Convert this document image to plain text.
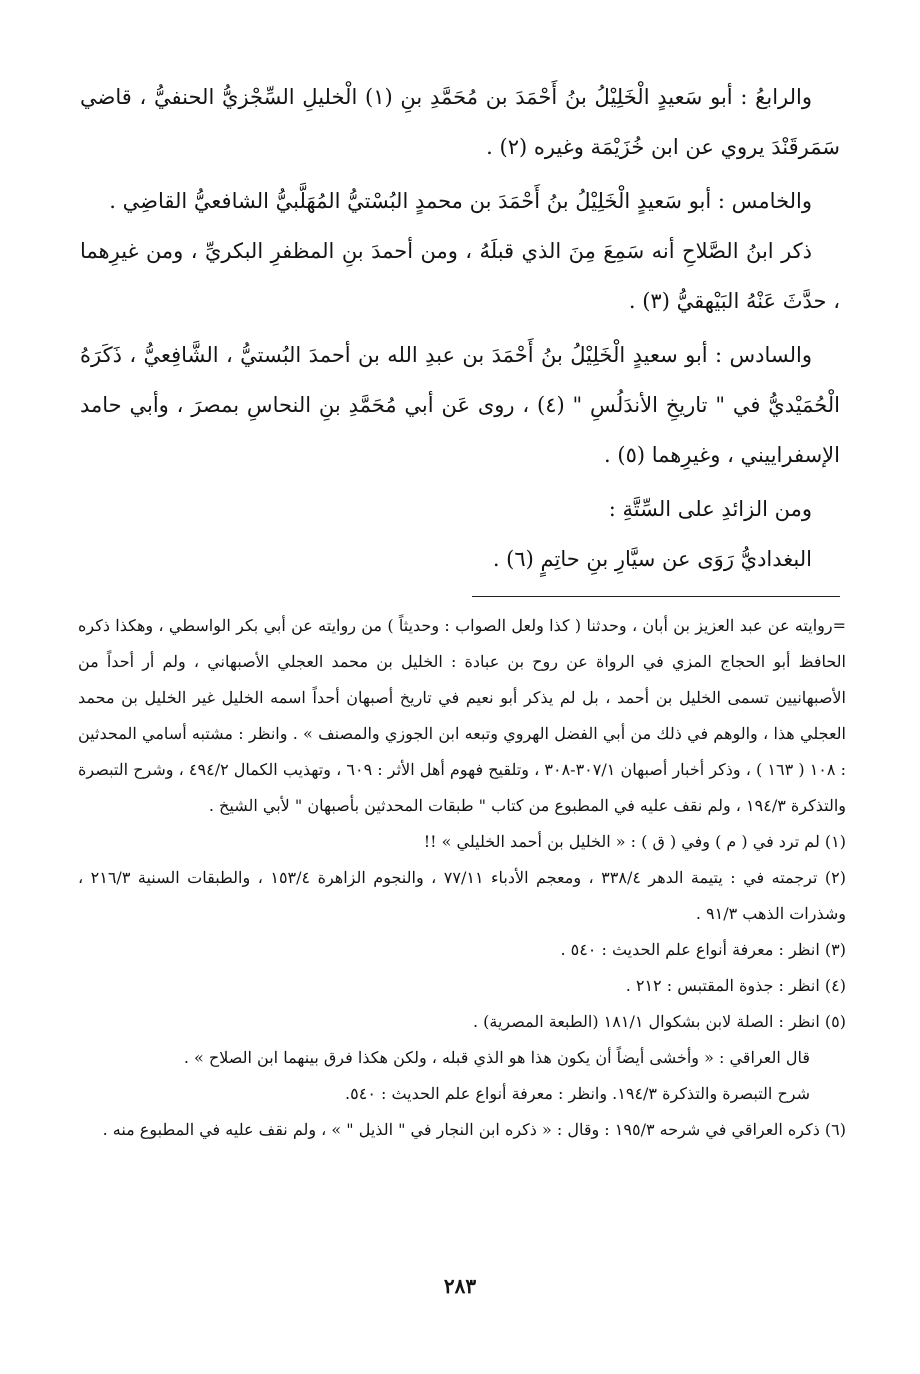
والرابعُ : أبو سَعيدٍ الْخَلِيْلُ بنُ أَحْمَدَ بن مُحَمَّدِ بنِ (١) الْخليلِ السِّجْزيُّ الحنفيُّ ، قاضي سَمَرقَنْدَ يروي عن ابن خُزَيْمَة وغيره (٢) .

والخامس : أبو سَعيدٍ الْخَلِيْلُ بنُ أَحْمَدَ بن محمدٍ البُسْتيُّ المُهَلَّبيُّ الشافعيُّ القاضِي .

ذكر ابنُ الصَّلاحِ أنه سَمِعَ مِنَ الذي قبلَهُ ، ومن أحمدَ بنِ المظفرِ البكريِّ ، ومن غيرِهما ، حدَّثَ عَنْهُ البَيْهقيُّ (٣) .

والسادس : أبو سعيدٍ الْخَلِيْلُ بنُ أَحْمَدَ بن عبدِ الله بن أحمدَ البُستيُّ ، الشَّافِعيُّ ، ذَكَرَهُ الْحُمَيْديُّ في " تاريخِ الأندَلُسِ " (٤) ، روى عَن أبي مُحَمَّدِ بنِ النحاسِ بمصرَ ، وأبي حامد الإسفراييني ، وغيرِهما (٥) .

ومن الزائدِ على السِّتَّةِ :

البغداديُّ رَوَى عن سيَّارِ بنِ حاتِمٍ (٦) .

=روايته عن عبد العزيز بن أبان ، وحدثنا ( كذا ولعل الصواب : وحديثاً ) من روايته عن أبي بكر الواسطي ، وهكذا ذكره الحافظ أبو الحجاج المزي في الرواة عن روح بن عبادة : الخليل بن محمد العجلي الأصبهاني ، ولم أر أحداً من الأصبهانيين تسمى الخليل بن أحمد ، بل لم يذكر أبو نعيم في تاريخ أصبهان أحداً اسمه الخليل غير الخليل بن محمد العجلي هذا ، والوهم في ذلك من أبي الفضل الهروي وتبعه ابن الجوزي والمصنف » . وانظر : مشتبه أسامي المحدثين : ١٠٨ ( ١٦٣ ) ، وذكر أخبار أصبهان ٣٠٧/١-٣٠٨ ، وتلقيح فهوم أهل الأثر : ٦٠٩ ، وتهذيب الكمال ٤٩٤/٢ ، وشرح التبصرة والتذكرة ١٩٤/٣ ، ولم نقف عليه في المطبوع من كتاب " طبقات المحدثين بأصبهان " لأبي الشيخ .

(١) لم ترد في ( م ) وفي ( ق ) : « الخليل بن أحمد الخليلي » !!

(٢) ترجمته في : يتيمة الدهر ٣٣٨/٤ ، ومعجم الأدباء ٧٧/١١ ، والنجوم الزاهرة ١٥٣/٤ ، والطبقات السنية ٢١٦/٣ ، وشذرات الذهب ٩١/٣ .

(٣) انظر : معرفة أنواع علم الحديث : ٥٤٠ .

(٤) انظر : جذوة المقتبس : ٢١٢ .

(٥) انظر : الصلة لابن بشكوال ١٨١/١ (الطبعة المصرية) .

قال العراقي : « وأخشى أيضاً أن يكون هذا هو الذي قبله ، ولكن هكذا فرق بينهما ابن الصلاح » .

شرح التبصرة والتذكرة ١٩٤/٣. وانظر : معرفة أنواع علم الحديث : ٥٤٠.

(٦) ذكره العراقي في شرحه ١٩٥/٣ : وقال : « ذكره ابن النجار في " الذيل " » ، ولم نقف عليه في المطبوع منه .

٢٨٣
